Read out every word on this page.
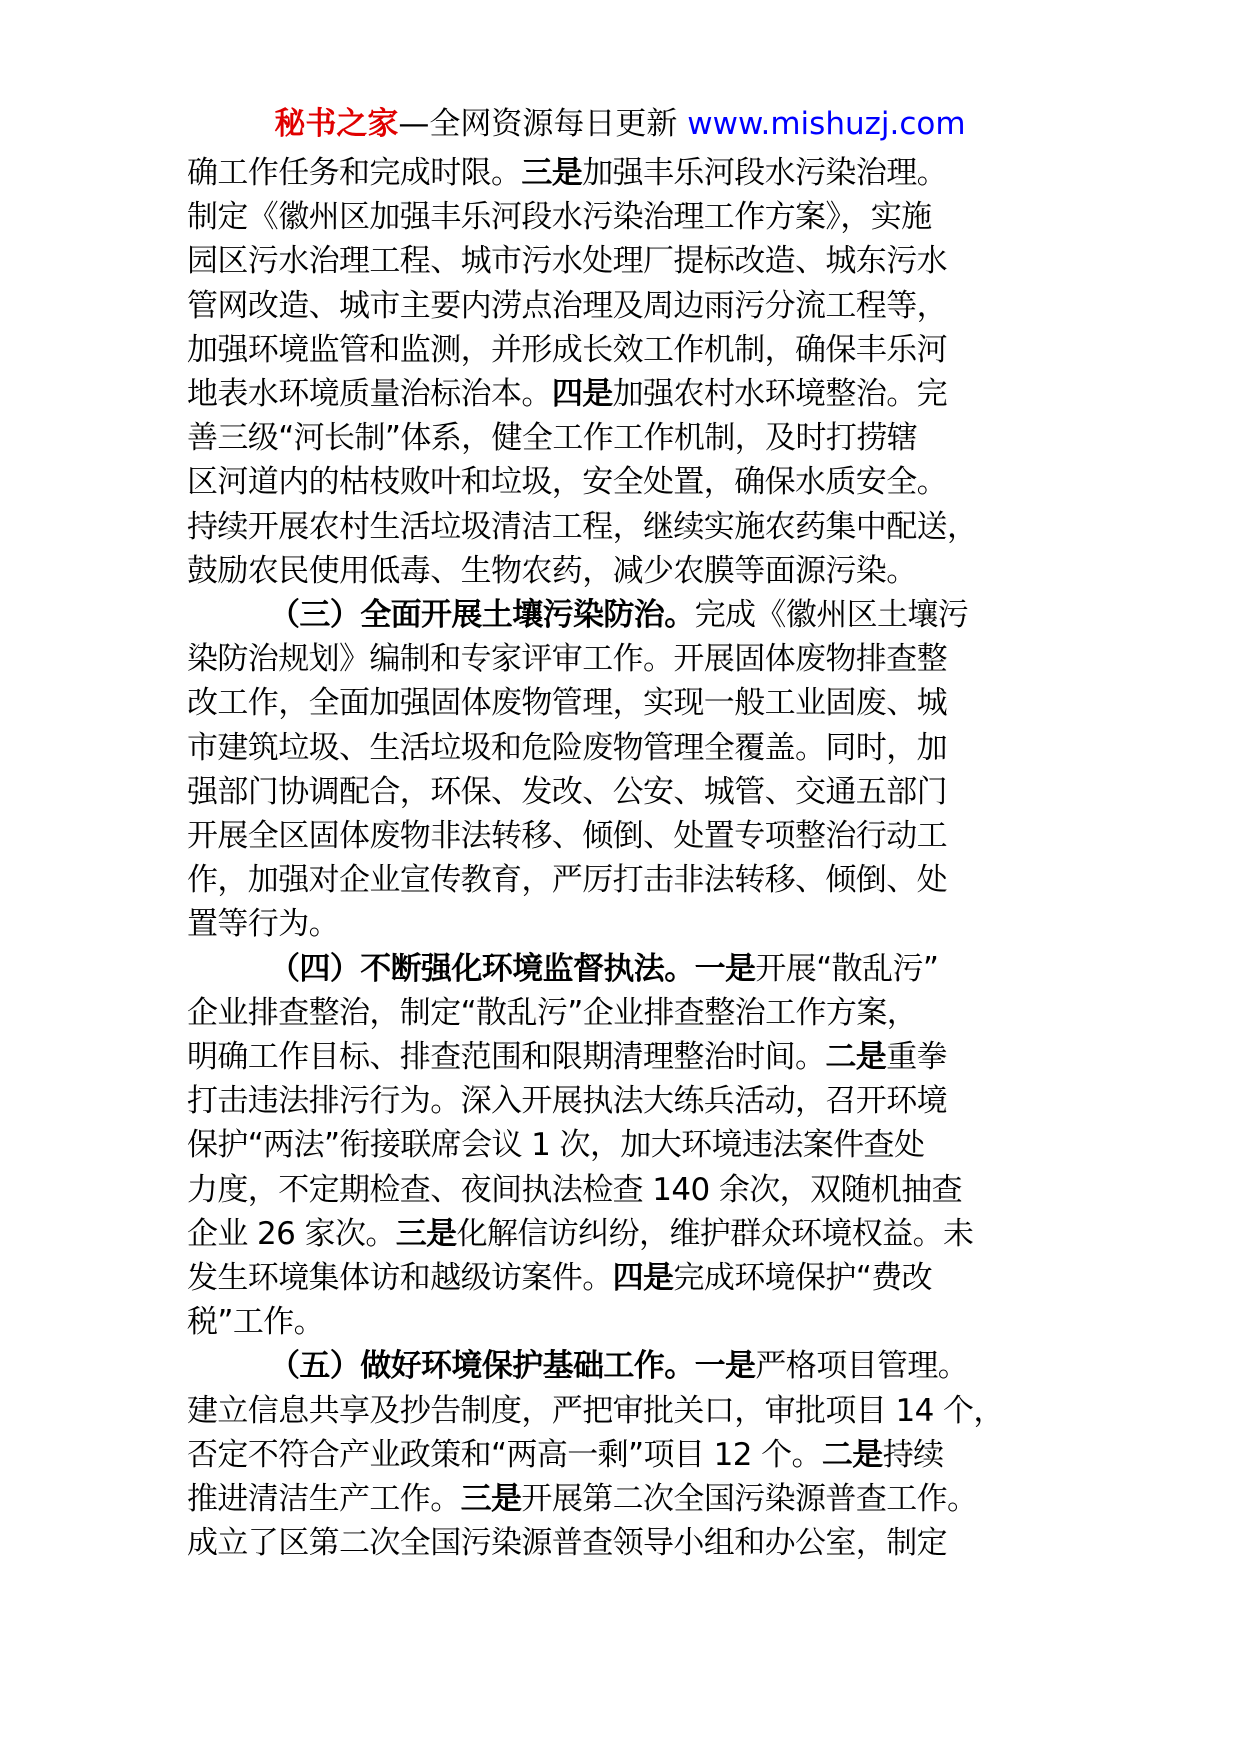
秘书之家—全网资源每日更新 www.mishuzj.com

确工作任务和完成时限。三是加强丰乐河段水污染治理。
制定《徽州区加强丰乐河段水污染治理工作方案》，实施
园区污水治理工程、城市污水处理厂提标改造、城东污水
管网改造、城市主要内涝点治理及周边雨污分流工程等，
加强环境监管和监测，并形成长效工作机制，确保丰乐河
地表水环境质量治标治本。四是加强农村水环境整治。完
善三级“河长制”体系，健全工作工作机制，及时打捞辖
区河道内的枯枝败叶和垃圾，安全处置，确保水质安全。
持续开展农村生活垃圾清洁工程，继续实施农药集中配送，
鼓励农民使用低毒、生物农药，减少农膜等面源污染。

（三）全面开展土壤污染防治。完成《徽州区土壤污
染防治规划》编制和专家评审工作。开展固体废物排查整
改工作，全面加强固体废物管理，实现一般工业固废、城
市建筑垃圾、生活垃圾和危险废物管理全覆盖。同时，加
强部门协调配合，环保、发改、公安、城管、交通五部门
开展全区固体废物非法转移、倾倒、处置专项整治行动工
作，加强对企业宣传教育，严厉打击非法转移、倾倒、处
置等行为。

（四）不断强化环境监督执法。一是开展“散乱污”
企业排查整治，制定“散乱污”企业排查整治工作方案，
明确工作目标、排查范围和限期清理整治时间。二是重拳
打击违法排污行为。深入开展执法大练兵活动，召开环境
保护“两法”衔接联席会议 1 次，加大环境违法案件查处
力度，不定期检查、夜间执法检查 140 余次，双随机抽查
企业 26 家次。三是化解信访纠纷，维护群众环境权益。未
发生环境集体访和越级访案件。四是完成环境保护“费改
税”工作。

（五）做好环境保护基础工作。一是严格项目管理。
建立信息共享及抄告制度，严把审批关口，审批项目 14 个，
否定不符合产业政策和“两高一剩”项目 12 个。二是持续
推进清洁生产工作。三是开展第二次全国污染源普查工作。
成立了区第二次全国污染源普查领导小组和办公室，制定
